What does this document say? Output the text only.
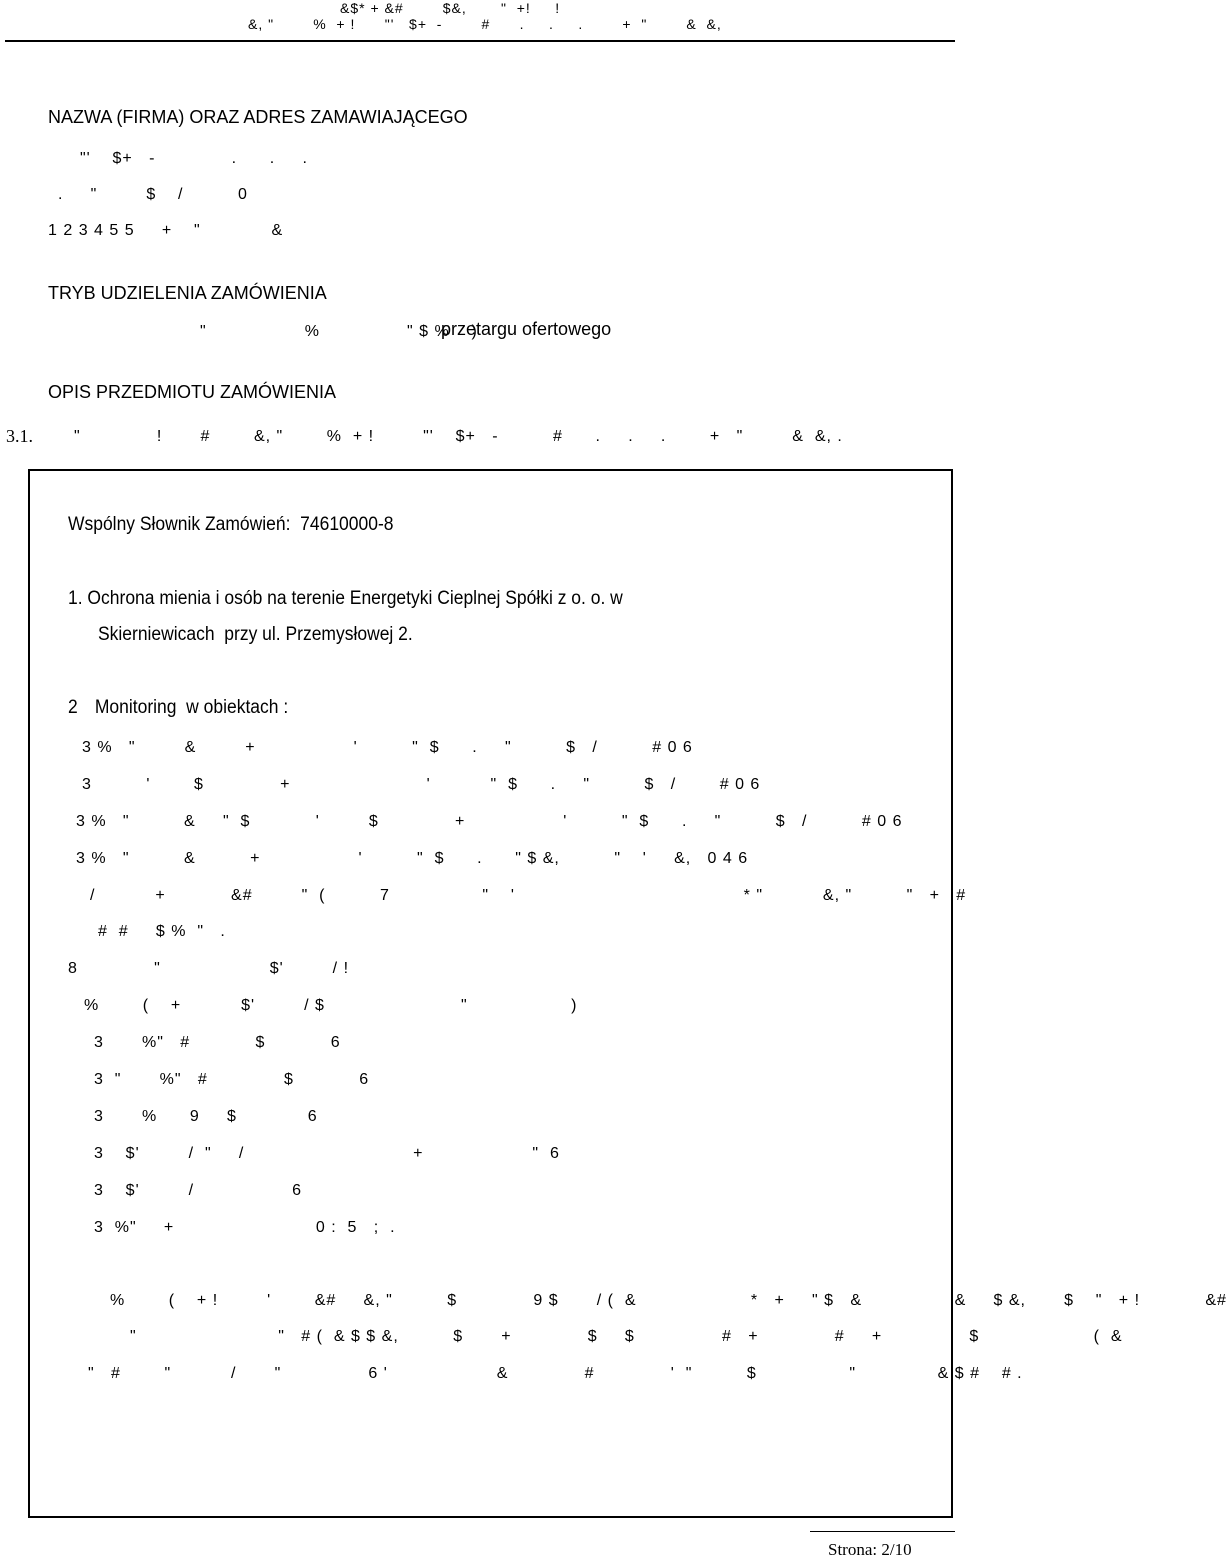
&$* + &#        $&,       "  +!     !
&, "        %  + !      "'   $+  -        #      .     .     .        +  "        &  &,
NAZWA (FIRMA) ORAZ ADRES ZAMAWIAJĄCEGO
"'    $+   -              .      .     .
.     "         $    /          0
1 2 3 4 5 5     +    "             &
TRYB UDZIELENIA ZAMÓWIENIA
"                  %                " $ %    )
przetargu ofertowego
OPIS PRZEDMIOTU ZAMÓWIENIA
3.1.	"              !       #        &, "        %  + !         "'    $+   -          #      .     .     .        +   "         &  &, .
Wspólny Słownik Zamówień:  74610000-8
1. Ochrona mienia i osób na terenie Energetyki Cieplnej Spółki z o. o. w
Skierniewicach  przy ul. Przemysłowej 2.
2 Monitoring  w obiektach :
3 %   "         &         +                  '          "  $      .     "          $   /          # 0 6
3          '        $              +                         '           "  $      .     "          $   /        # 0 6
3 %   "          &     "  $            '         $              +                  '          "  $      .     "          $   /          # 0 6
3 %   "          &          +                  '          "  $      .      " $ &,          "    '     &,   0 4 6
/           +            &#         "  (          7                 "    '                                          * "           &, "          "   +   #
#  #     $ %  "   .
8              "                    $'         / !
%        (    +           $'         / $                         "                   )
3       %"   #            $            6
3  "       %"   #              $            6
3       %      9     $             6
3    $'         /  "     /                               +                    "  6
3    $'         /                  6
3  %"     +                          0 :  5   ;  .
%        (    + !         '        &#     &, "          $              9 $       / (  &                     *   +     " $   &                 &     $ &,       $    "   + !            &#
"                          "   # (  & $ $ &,          $       +              $     $                #   +              #     +                $                     (  &
"   #        "           /       "                6 '                    &              #              '  "          $                 "               & $ #    # .
Strona: 2/10
